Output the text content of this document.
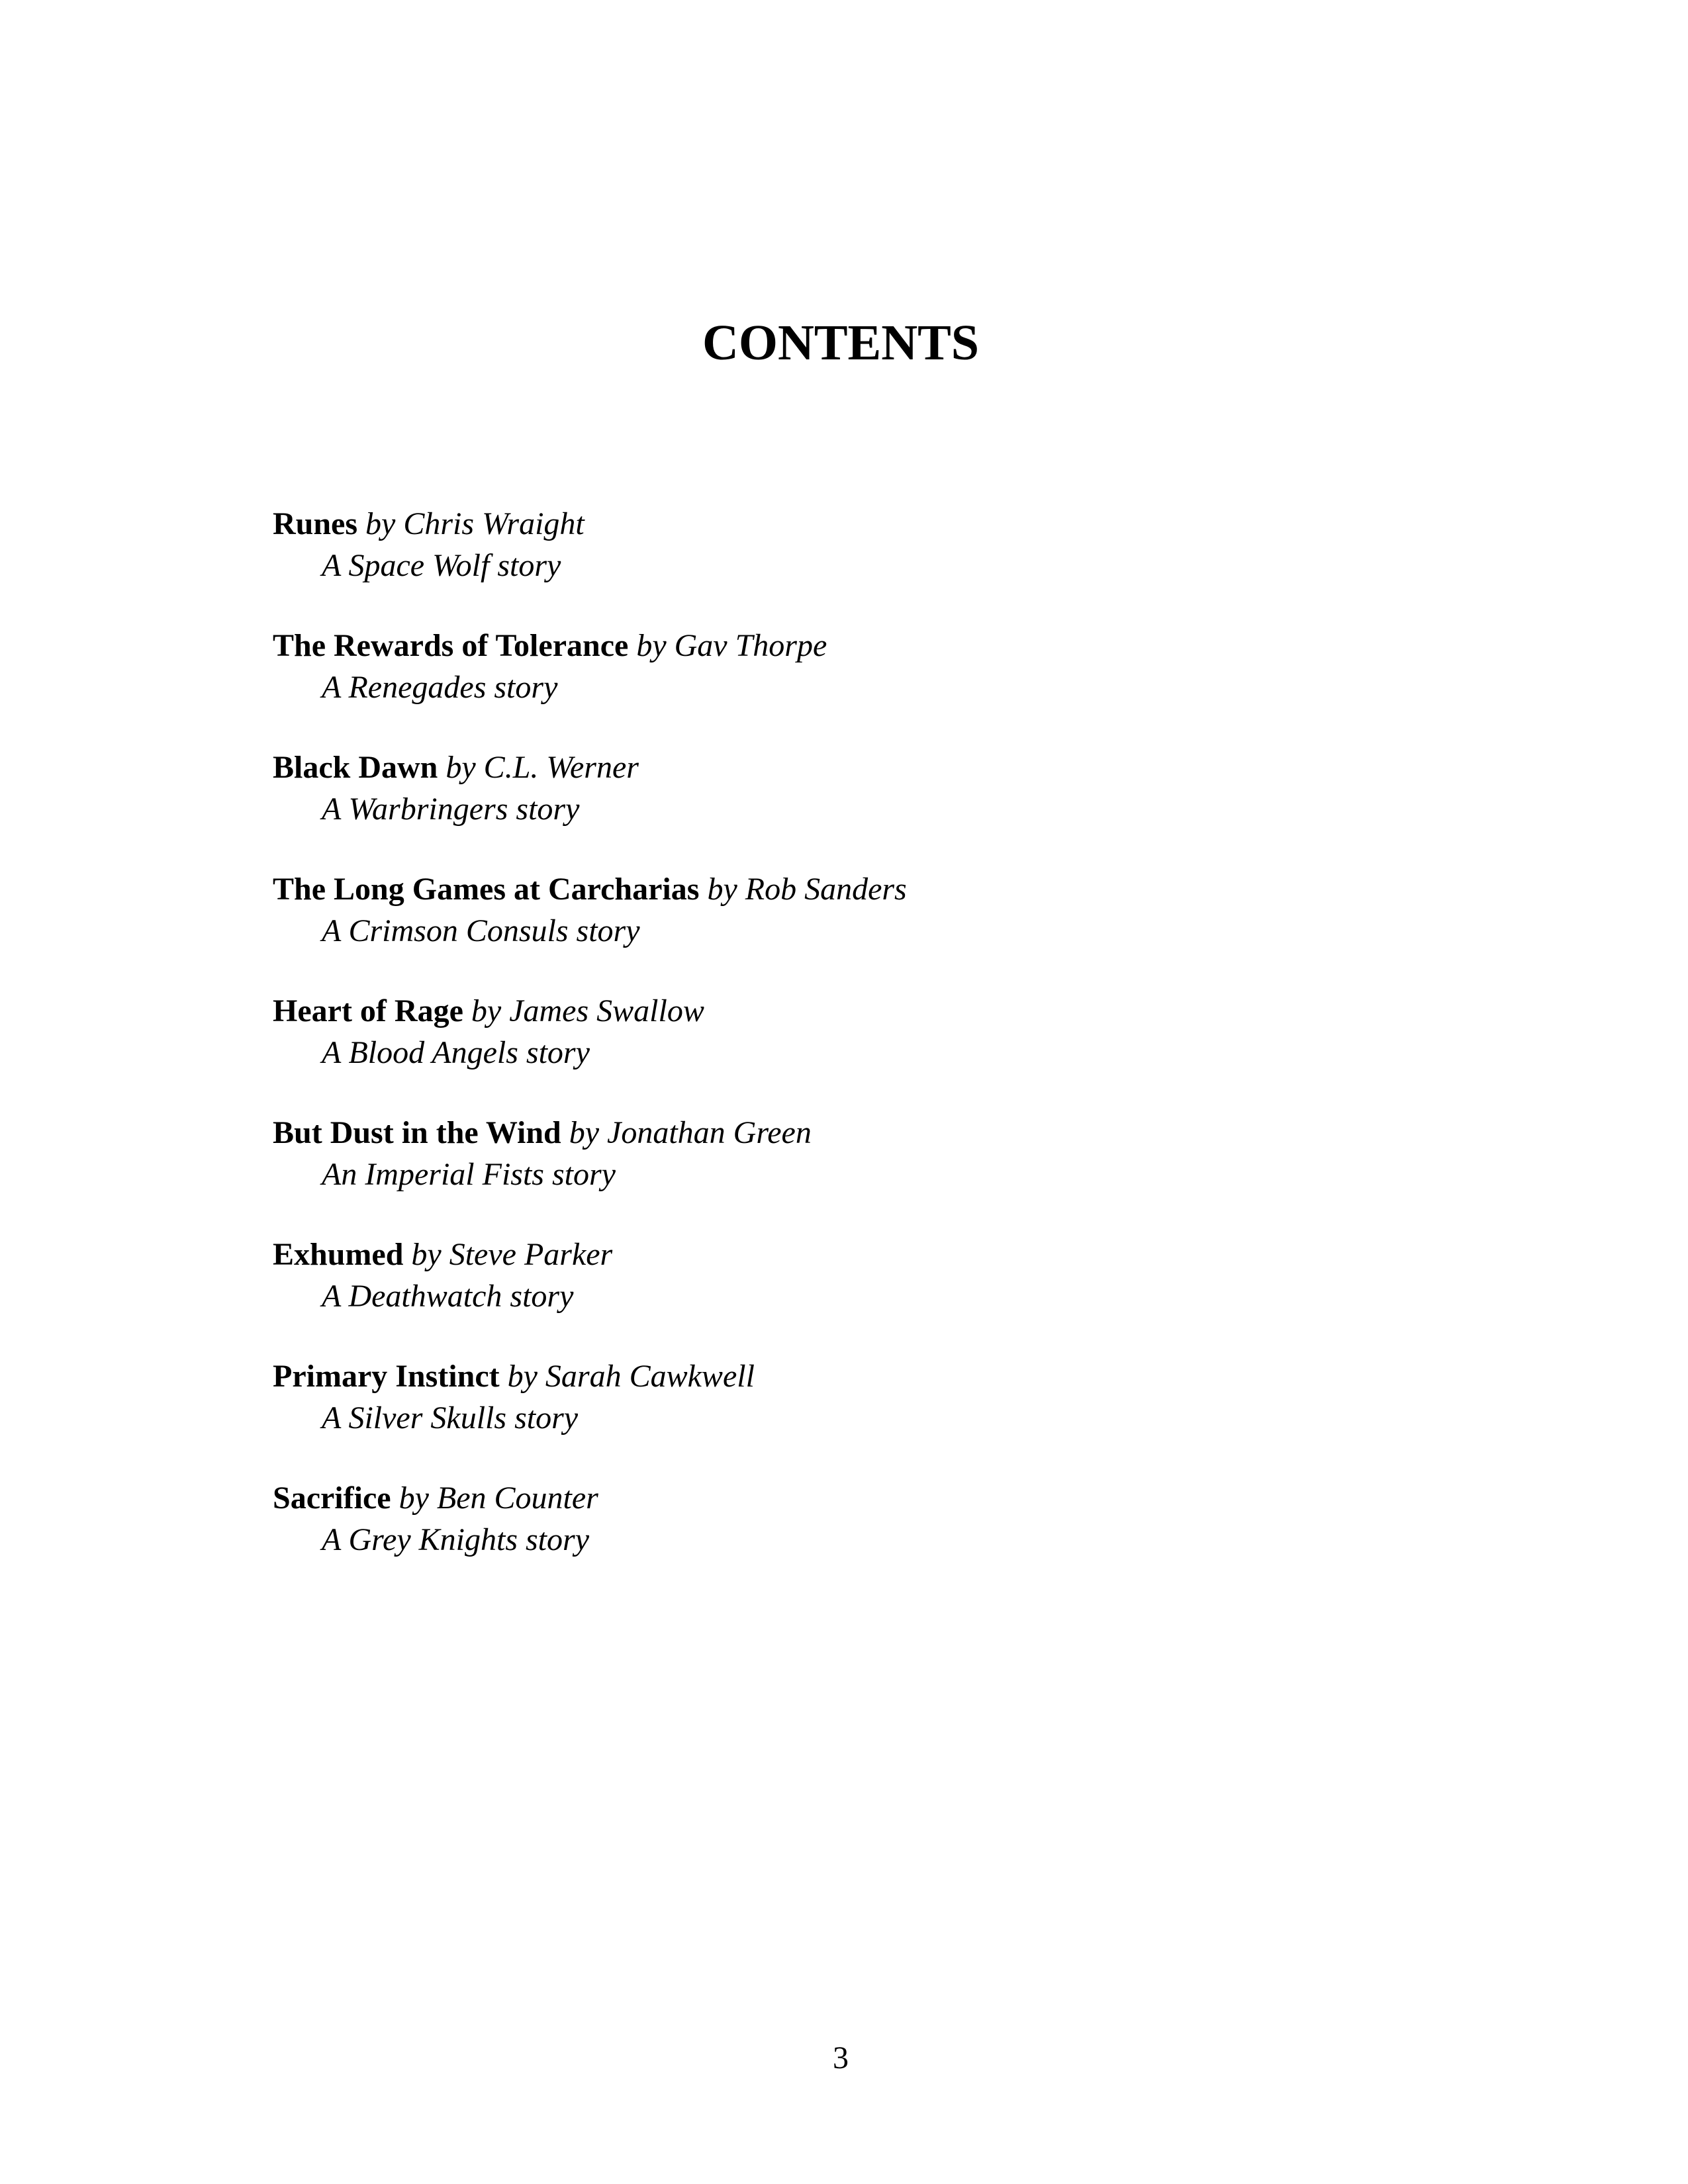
CONTENTS
Runes by Chris Wraight
A Space Wolf story
The Rewards of Tolerance by Gav Thorpe
A Renegades story
Black Dawn by C.L. Werner
A Warbringers story
The Long Games at Carcharias by Rob Sanders
A Crimson Consuls story
Heart of Rage by James Swallow
A Blood Angels story
But Dust in the Wind by Jonathan Green
An Imperial Fists story
Exhumed by Steve Parker
A Deathwatch story
Primary Instinct by Sarah Cawkwell
A Silver Skulls story
Sacrifice by Ben Counter
A Grey Knights story
3
